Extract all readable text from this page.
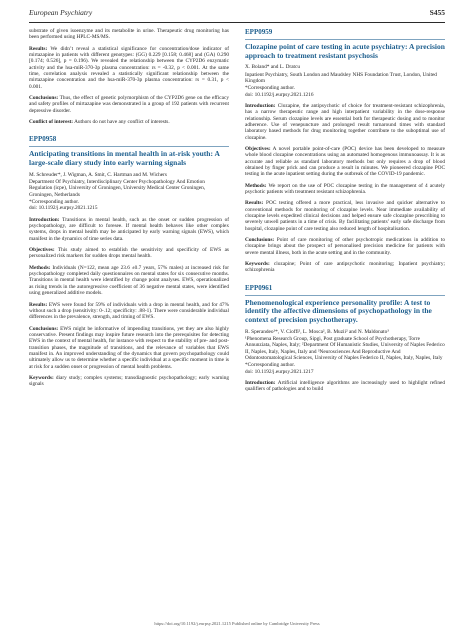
European Psychiatry	S455

substrate of given isoenzyme and its metabolite in urine. Therapeutic drug monitoring has been performed using HPLC-MS/MS.

Results: We didn’t reveal a statistical significance for concentration/dose indicator of mirtazapine in patients with different genotypes: (GG) 0.229 [0.158; 0.468] and (GA) 0.290 [0.174; 0.526], p = 0.196). We revealed the relationship between the CYP2D6 enzymatic activity and the hsa-miR-370-3p plasma concentration: rs = -0.32, p < 0.001. At the same time, correlation analysis revealed a statistically significant relationship between the mirtazapine concentration and the hsa-miR-370-3p plasma concentration: rs = 0.31, p < 0.001.

Conclusions: Thus, the effect of genetic polymorphism of the CYP2D6 gene on the efficacy and safety profiles of mirtazapine was demonstrated in a group of 192 patients with recurrent depressive disorder.

Conflict of interest: Authors do not have any conflict of interests.

EPP0958
Anticipating transitions in mental health in at-risk youth: A large-scale diary study into early warning signals

M. Schreuder*, J. Wigman, A. Smit, C. Hartman and M. Wichers

Department Of Psychiatry, Interdisciplinary Center Psychopathology And Emotion Regulation (icpe), University of Groningen, University Medical Center Groningen, Groningen, Netherlands

*Corresponding author.

doi: 10.1192/j.eurpsy.2021.1215

Introduction: Transitions in mental health, such as the onset or sudden progression of psychopathology, are difficult to foresee. If mental health behaves like other complex systems, drops in mental health may be anticipated by early warning signals (EWS), which manifest in the dynamics of time series data.

Objectives: This study aimed to establish the sensitivity and specificity of EWS as personalized risk markers for sudden drops mental health.

Methods: Individuals (N=122, mean age 23.6 ±0.7 years, 57% males) at increased risk for psychopathology completed daily questionnaires on mental states for six consecutive months. Transitions in mental health were identified by change point analyses. EWS, operationalized as rising trends in the autoregressive coefficient of 36 negative mental states, were identified using generalized additive models.

Results: EWS were found for 59% of individuals with a drop in mental health, and for 47% without such a drop (sensitivity: 0-.12; specificity: .88-1). There were considerable individual differences in the prevalence, strength, and timing of EWS.

Conclusions: EWS might be informative of impending transitions, yet they are also highly conservative. Present findings may inspire future research into the prerequisites for detecting EWS in the context of mental health, for instance with respect to the stability of pre- and post-transition phases, the magnitude of transitions, and the relevance of variables that EWS manifest in. An improved understanding of the dynamics that govern psychopathology could ultimately allow us to determine whether a specific individual at a specific moment in time is at risk for a sudden onset or progression of mental health problems.

Keywords: diary study; complex systems; transdiagnostic psychopathology; early warning signals

EPP0959
Clozapine point of care testing in acute psychiatry: A precision approach to treatment resistant psychosis

X. Boland* and L. Dratcu

Inpatient Psychiatry, South London and Maudsley NHS Foundation Trust, London, United Kingdom

*Corresponding author.

doi: 10.1192/j.eurpsy.2021.1216

Introduction: Clozapine, the antipsychotic of choice for treatment-resistant schizophrenia, has a narrow therapeutic range and high interpatient variability in the dose-response relationship. Serum clozapine levels are essential both for therapeutic dosing and to monitor adherence. Use of venepuncture and prolonged result turnaround times with standard laboratory based methods for drug monitoring together contribute to the suboptimal use of clozapine.

Objectives: A novel portable point-of-care (POC) device has been developed to measure whole blood clozapine concentrations using an automated homogenous immunoassay. It is as accurate and reliable as standard laboratory methods but only requires a drop of blood obtained by finger prick and can produce a result in minutes. We pioneered clozapine POC testing in the acute inpatient setting during the outbreak of the COVID-19 pandemic.

Methods: We report on the use of POC clozapine testing in the management of 4 acutely psychotic patients with treatment resistant schizophrenia.

Results: POC testing offered a more practical, less invasive and quicker alternative to conventional methods for monitoring of clozapine levels. Near immediate availability of clozapine levels expedited clinical decisions and helped ensure safe clozapine prescribing to severely unwell patients in a time of crisis. By facilitating patients’ early safe discharge from hospital, clozapine point of care testing also reduced length of hospitalisation.

Conclusions: Point of care monitoring of other psychotropic medications in addition to clozapine brings about the prospect of personalised precision medicine for patients with severe mental illness, both in the acute setting and in the community.

Keywords: clozapine; Point of care antipsychotic monitoring; Inpatient psychiatry; schizophrenia

EPP0961
Phenomenological experience personality profile: A test to identify the affective dimensions of psychopathology in the context of precision psychotherapy.

R. Sperandeo¹*, V. Cioffi², L. Mosca², B. Muzii² and N. Maldonato³

¹Phenomena Research Group, Sipgi, Post graduate School of Psychotherapy, Torre Annunziata, Naples, Italy; ²Department Of Humanistic Studies, University of Naples Federico II, Naples, Italy, Naples, Italy and ³Neurosciences And Reproductive And Odontostomatological Sciences, University of Naples Federico II, Naples, Italy, Naples, Italy

*Corresponding author.

doi: 10.1192/j.eurpsy.2021.1217

Introduction: Artificial intelligence algorithms are increasingly used to highlight refined qualifiers of pathologies and to build

https://doi.org/10.1192/j.eurpsy.2021.1215 Published online by Cambridge University Press
